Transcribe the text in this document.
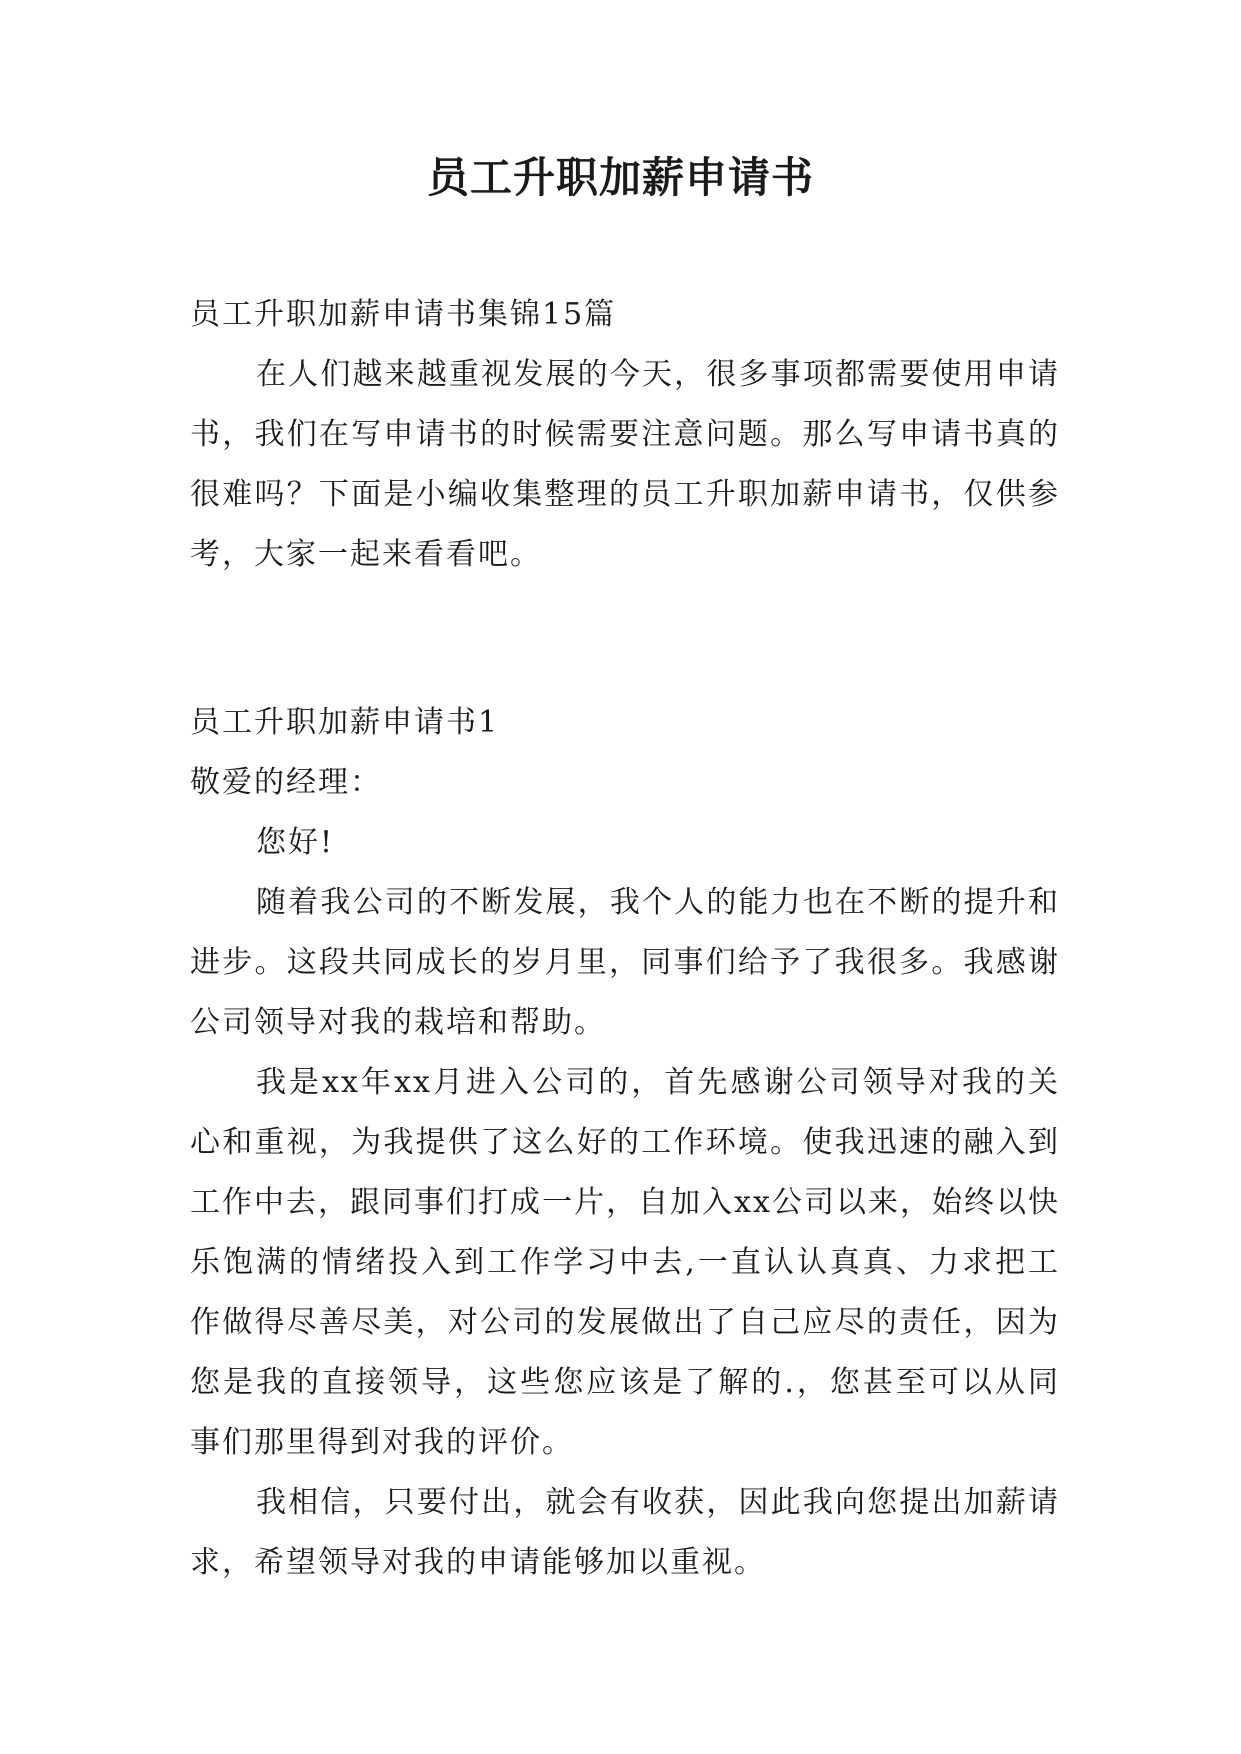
员工升职加薪申请书

员工升职加薪申请书集锦15篇

在人们越来越重视发展的今天，很多事项都需要使用申请书，我们在写申请书的时候需要注意问题。那么写申请书真的很难吗？下面是小编收集整理的员工升职加薪申请书，仅供参考，大家一起来看看吧。

员工升职加薪申请书1

敬爱的经理：

您好!

随着我公司的不断发展，我个人的能力也在不断的提升和进步。这段共同成长的岁月里，同事们给予了我很多。我感谢公司领导对我的栽培和帮助。

我是xx年xx月进入公司的，首先感谢公司领导对我的关心和重视，为我提供了这么好的工作环境。使我迅速的融入到工作中去，跟同事们打成一片，自加入xx公司以来，始终以快乐饱满的情绪投入到工作学习中去,一直认认真真、力求把工作做得尽善尽美，对公司的发展做出了自己应尽的责任，因为您是我的直接领导，这些您应该是了解的.，您甚至可以从同事们那里得到对我的评价。

我相信，只要付出，就会有收获，因此我向您提出加薪请求，希望领导对我的申请能够加以重视。
